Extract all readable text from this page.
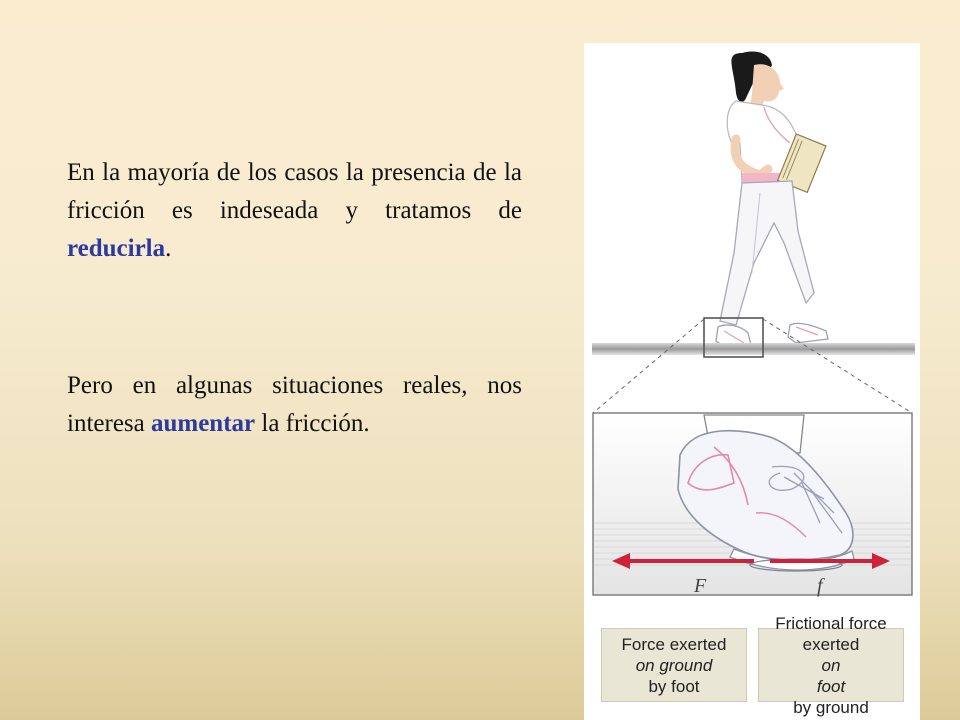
En la mayoría de los casos la presencia de la fricción es indeseada y tratamos de reducirla.

Pero en algunas situaciones reales, nos interesa aumentar la fricción.

F	f
Force exerted
on ground
by foot
Frictional force
exerted
on
foot
by ground
